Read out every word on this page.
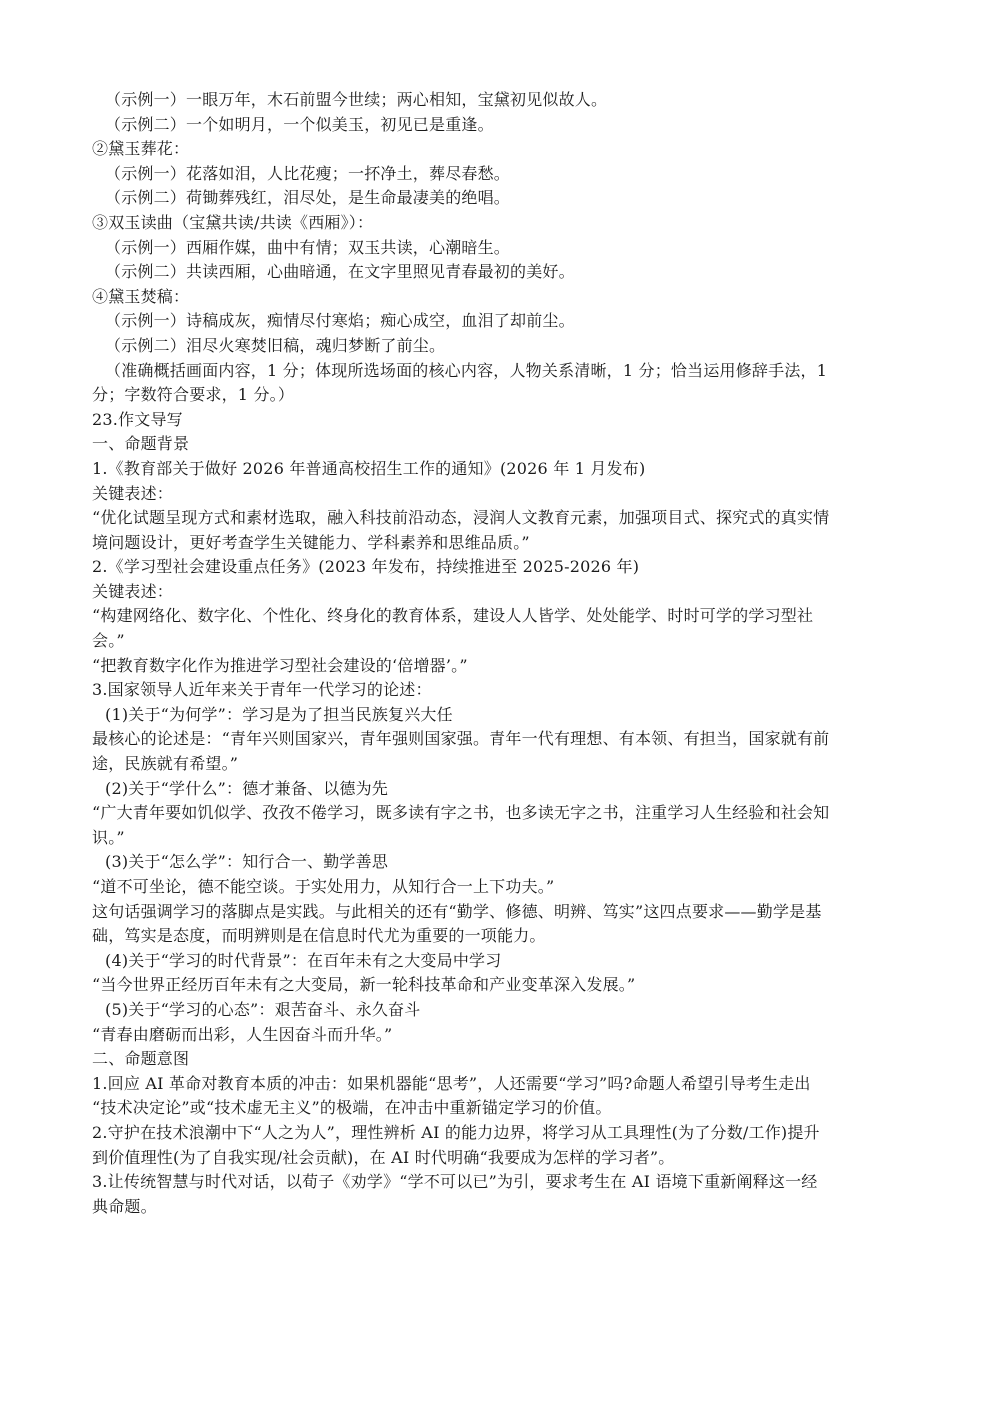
（示例一）一眼万年，木石前盟今世续；两心相知，宝黛初见似故人。
（示例二）一个如明月，一个似美玉，初见已是重逢。
②黛玉葬花：
（示例一）花落如泪，人比花瘦；一抔净土，葬尽春愁。
（示例二）荷锄葬残红，泪尽处，是生命最凄美的绝唱。
③双玉读曲（宝黛共读/共读《西厢》）：
（示例一）西厢作媒，曲中有情；双玉共读，心潮暗生。
（示例二）共读西厢，心曲暗通，在文字里照见青春最初的美好。
④黛玉焚稿：
（示例一）诗稿成灰，痴情尽付寒焰；痴心成空，血泪了却前尘。
（示例二）泪尽火寒焚旧稿，魂归梦断了前尘。
（准确概括画面内容，1 分；体现所选场面的核心内容，人物关系清晰，1 分；恰当运用修辞手法，1
分；字数符合要求，1 分。）
23.作文导写
一、命题背景
1.《教育部关于做好 2026 年普通高校招生工作的通知》(2026 年 1 月发布)
关键表述：
“优化试题呈现方式和素材选取，融入科技前沿动态，浸润人文教育元素，加强项目式、探究式的真实情
境问题设计，更好考查学生关键能力、学科素养和思维品质。”
2.《学习型社会建设重点任务》(2023 年发布，持续推进至 2025-2026 年)
关键表述：
“构建网络化、数字化、个性化、终身化的教育体系，建设人人皆学、处处能学、时时可学的学习型社
会。”
“把教育数字化作为推进学习型社会建设的‘倍增器’。”
3.国家领导人近年来关于青年一代学习的论述：
(1)关于“为何学”：学习是为了担当民族复兴大任
最核心的论述是：“青年兴则国家兴，青年强则国家强。青年一代有理想、有本领、有担当，国家就有前
途，民族就有希望。”
(2)关于“学什么”：德才兼备、以德为先
“广大青年要如饥似学、孜孜不倦学习，既多读有字之书，也多读无字之书，注重学习人生经验和社会知
识。”
(3)关于“怎么学”：知行合一、勤学善思
“道不可坐论，德不能空谈。于实处用力，从知行合一上下功夫。”
这句话强调学习的落脚点是实践。与此相关的还有“勤学、修德、明辨、笃实”这四点要求——勤学是基
础，笃实是态度，而明辨则是在信息时代尤为重要的一项能力。
(4)关于“学习的时代背景”：在百年未有之大变局中学习
“当今世界正经历百年未有之大变局，新一轮科技革命和产业变革深入发展。”
(5)关于“学习的心态”：艰苦奋斗、永久奋斗
“青春由磨砺而出彩，人生因奋斗而升华。”
二、命题意图
1.回应 AI 革命对教育本质的冲击：如果机器能“思考”，人还需要“学习”吗?命题人希望引导考生走出
“技术决定论”或“技术虚无主义”的极端，在冲击中重新锚定学习的价值。
2.守护在技术浪潮中下“人之为人”，理性辨析 AI 的能力边界，将学习从工具理性(为了分数/工作)提升
到价值理性(为了自我实现/社会贡献)，在 AI 时代明确“我要成为怎样的学习者”。
3.让传统智慧与时代对话，以荀子《劝学》“学不可以已”为引，要求考生在 AI 语境下重新阐释这一经
典命题。
